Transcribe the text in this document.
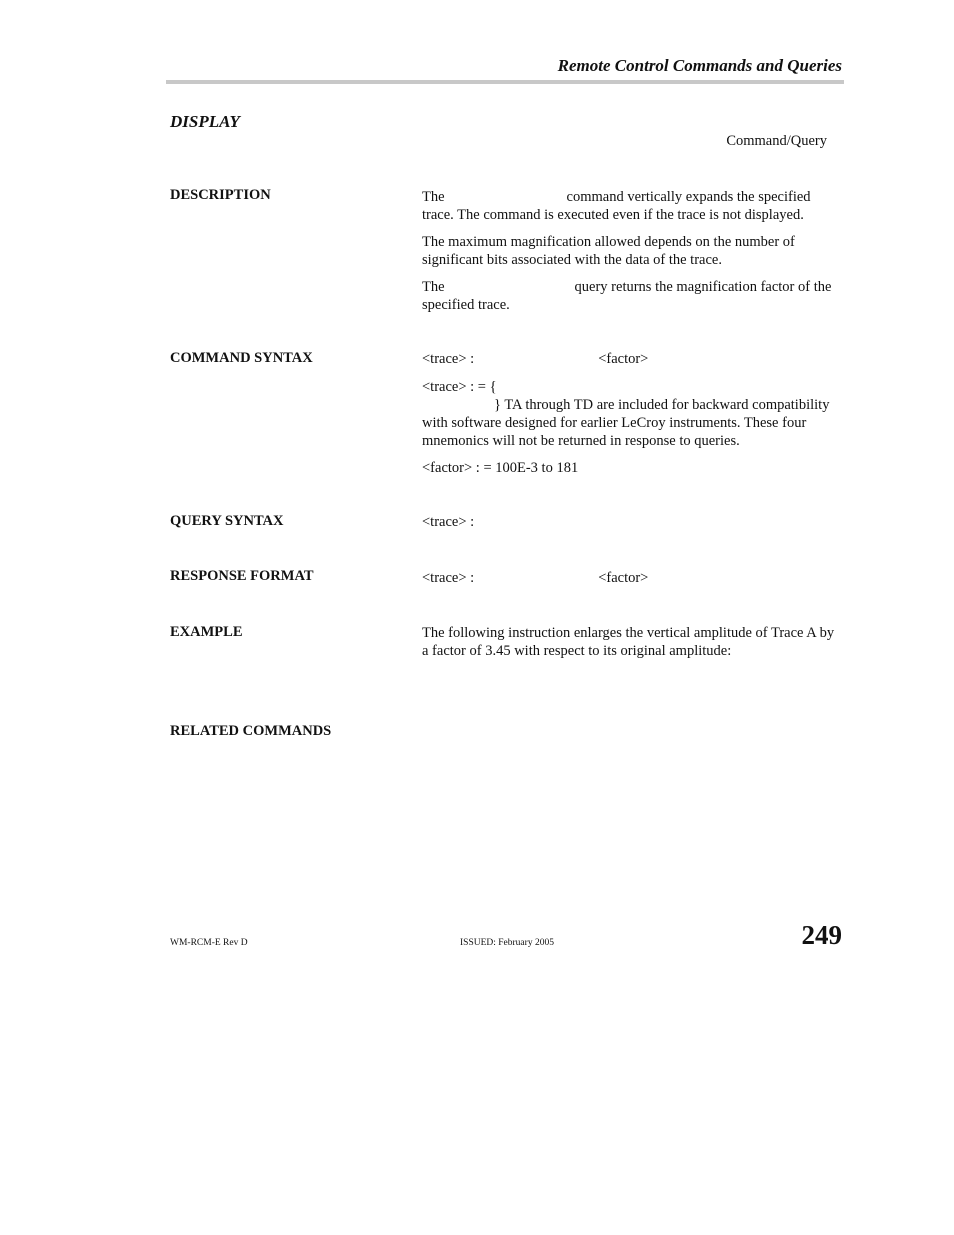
Remote Control Commands and Queries
DISPLAY
Command/Query
DESCRIPTION	The	command vertically expands the specified trace. The command is executed even if the trace is not displayed.

The maximum magnification allowed depends on the number of significant bits associated with the data of the trace.

The	query returns the magnification factor of the specified trace.

COMMAND SYNTAX	<trace> :	<factor>

<trace> : = {
} TA through TD are included for backward compatibility with software designed for earlier LeCroy instruments. These four mnemonics will not be returned in response to queries.

<factor> : = 100E-3 to 181

QUERY SYNTAX	<trace> :
RESPONSE FORMAT	<trace> :	<factor>
EXAMPLE	The following instruction enlarges the vertical amplitude of Trace A by a factor of 3.45 with respect to its original amplitude:
RELATED COMMANDS
WM-RCM-E Rev D	ISSUED: February 2005	249
